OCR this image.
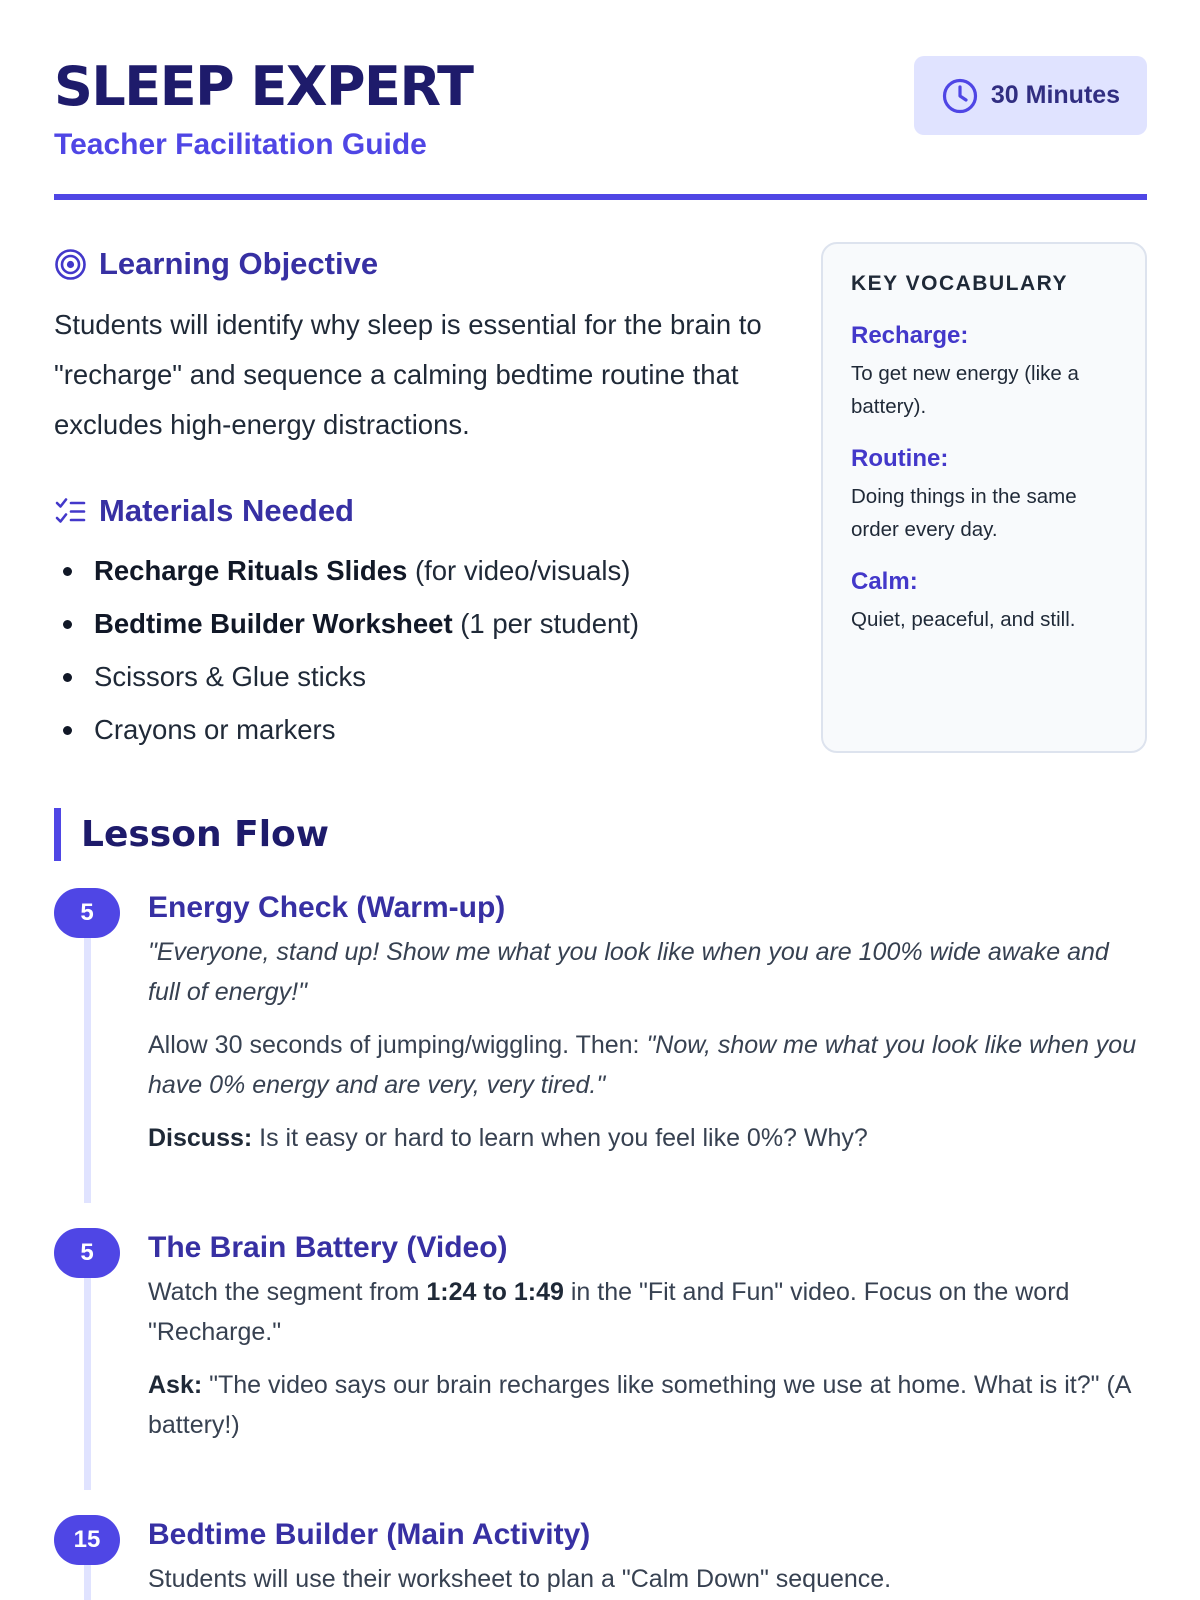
SLEEP EXPERT
Teacher Facilitation Guide
30 Minutes
Learning Objective

Students will identify why sleep is essential for the brain to "recharge" and sequence a calming bedtime routine that excludes high-energy distractions.

Materials Needed
Recharge Rituals Slides (for video/visuals)
Bedtime Builder Worksheet (1 per student)
Scissors & Glue sticks
Crayons or markers
KEY VOCABULARY
Recharge:
To get new energy (like a battery).
Routine:
Doing things in the same order every day.
Calm:
Quiet, peaceful, and still.
Lesson Flow
5	Energy Check (Warm-up)

"Everyone, stand up! Show me what you look like when you are 100% wide awake and full of energy!"

Allow 30 seconds of jumping/wiggling. Then: "Now, show me what you look like when you have 0% energy and are very, very tired."

Discuss: Is it easy or hard to learn when you feel like 0%? Why?

5	The Brain Battery (Video)

Watch the segment from 1:24 to 1:49 in the "Fit and Fun" video. Focus on the word "Recharge."

Ask: "The video says our brain recharges like something we use at home. What is it?" (A battery!)

15	Bedtime Builder (Main Activity)

Students will use their worksheet to plan a "Calm Down" sequence.
